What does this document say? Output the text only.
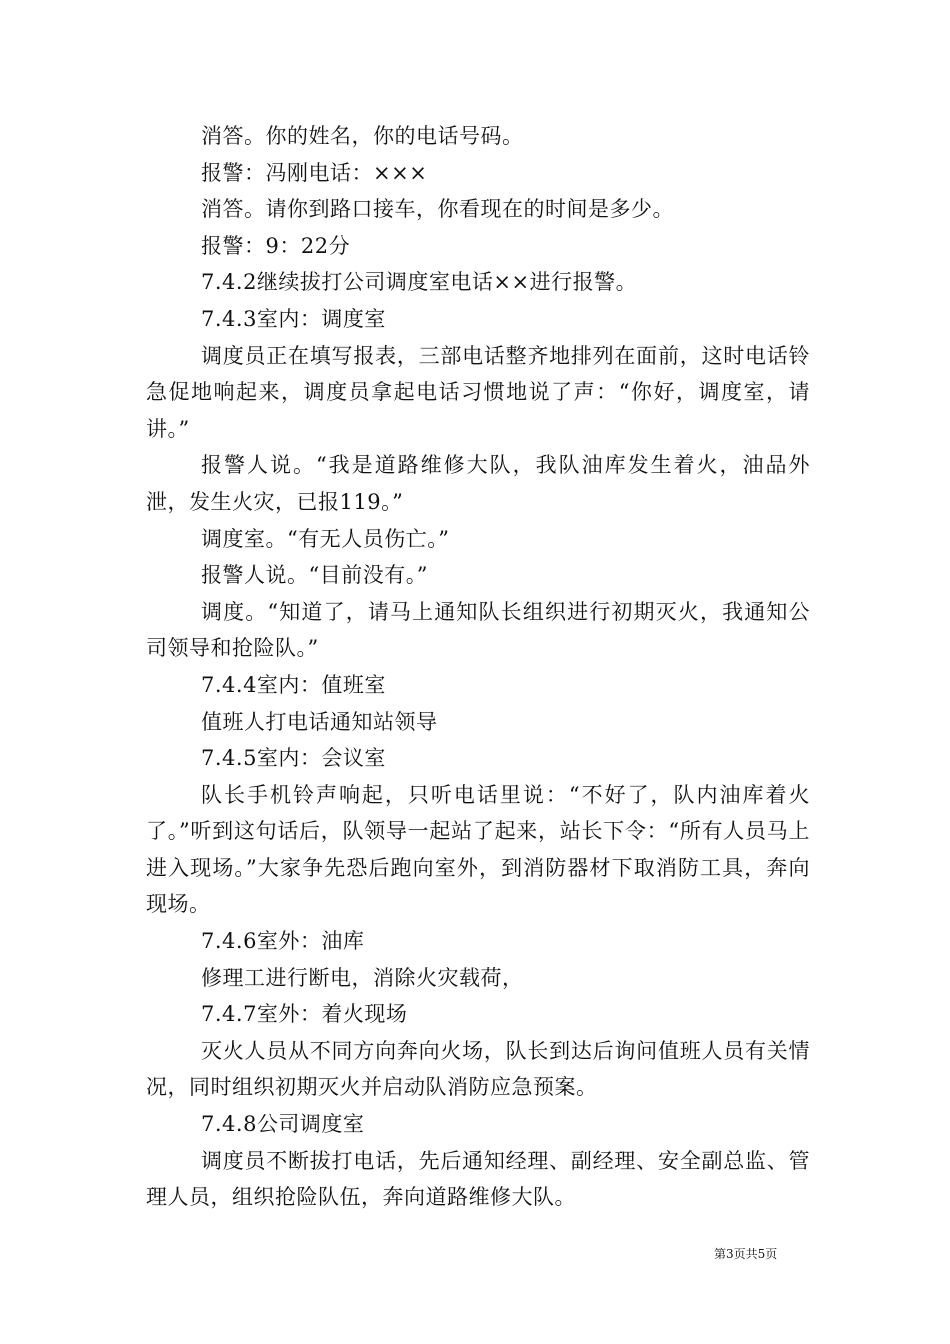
消答。你的姓名，你的电话号码。

报警：冯刚电话：×××

消答。请你到路口接车，你看现在的时间是多少。

报警：9：22分

7.4.2继续拔打公司调度室电话××进行报警。

7.4.3室内：调度室

调度员正在填写报表，三部电话整齐地排列在面前，这时电话铃急促地响起来，调度员拿起电话习惯地说了声：“你好，调度室，请讲。”

报警人说。“我是道路维修大队，我队油库发生着火，油品外泄，发生火灾，已报119。”

调度室。“有无人员伤亡。”

报警人说。“目前没有。”

调度。“知道了，请马上通知队长组织进行初期灭火，我通知公司领导和抢险队。”

7.4.4室内：值班室

值班人打电话通知站领导

7.4.5室内：会议室

队长手机铃声响起，只听电话里说：“不好了，队内油库着火了。”听到这句话后，队领导一起站了起来，站长下令：“所有人员马上进入现场。”大家争先恐后跑向室外，到消防器材下取消防工具，奔向现场。

7.4.6室外：油库

修理工进行断电，消除火灾载荷，

7.4.7室外：着火现场

灭火人员从不同方向奔向火场，队长到达后询问值班人员有关情况，同时组织初期灭火并启动队消防应急预案。

7.4.8公司调度室

调度员不断拔打电话，先后通知经理、副经理、安全副总监、管理人员，组织抢险队伍，奔向道路维修大队。

第3页共5页
